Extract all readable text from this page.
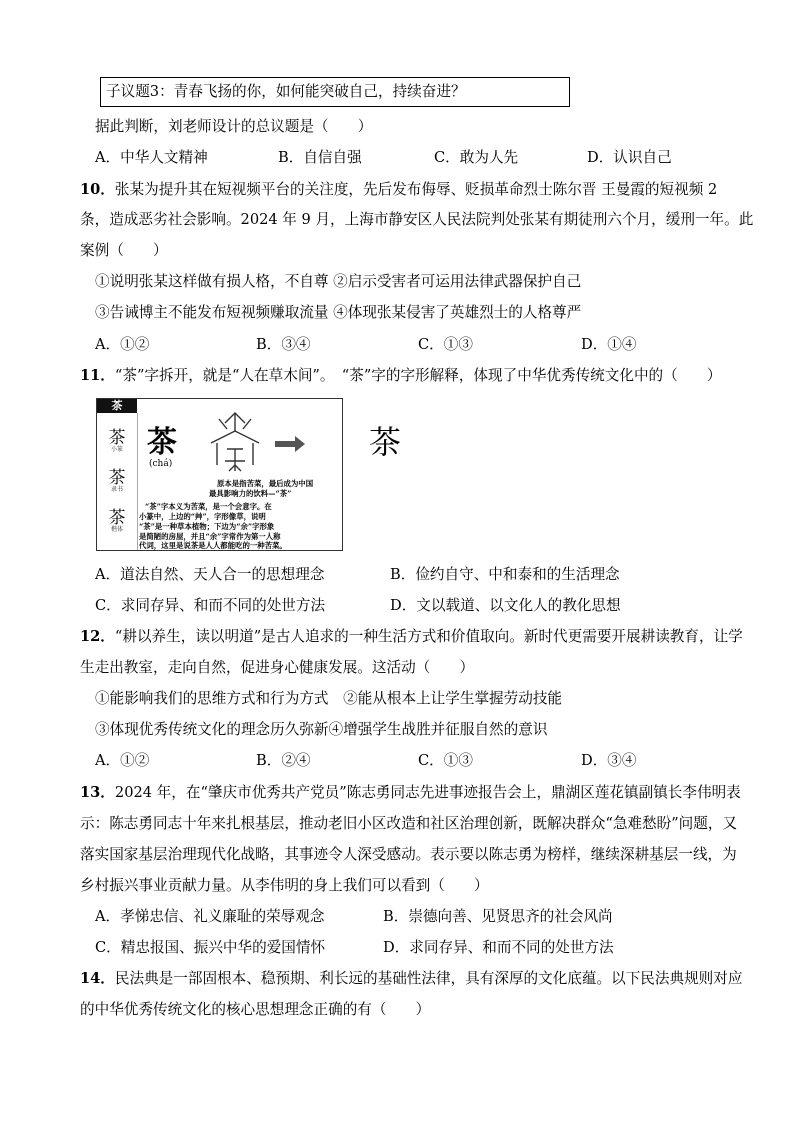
子议题3：青春飞扬的你，如何能突破自己，持续奋进？
据此判断，刘老师设计的总议题是（　　）
A．中华人文精神	B．自信自强	C．敢为人先	D．认识自己
10．张某为提升其在短视频平台的关注度，先后发布侮辱、贬损革命烈士陈尔晋 王曼霞的短视频 2
条，造成恶劣社会影响。2024 年 9 月，上海市静安区人民法院判处张某有期徒刑六个月，缓刑一年。此
案例（　　）
①说明张某这样做有损人格，不自尊 ②启示受害者可运用法律武器保护自己
③告诫博主不能发布短视频赚取流量 ④体现张某侵害了英雄烈士的人格尊严
A．①②	B．③④	C．①③	D．①④
11．“茶”字拆开，就是“人在草木间”。　“茶”字的字形解释，体现了中华优秀传统文化中的（　　）
茶
茶
小篆
茶
隶书
茶
楷体
茶
(chá)
茶
原本是指苦菜，最后成为中国
最具影响力的饮料—“茶”
“茶”字本义为苦菜，是一个会意字。在
小篆中，上边的“艸”，字形像草，说明
“茶”是一种草本植物；下边为“余”字形象
是简陋的房屋，并且“余”字常作为第一人称
代词，这里是说茶是人人都能吃的一种苦菜。
A．道法自然、天人合一的思想理念	B．俭约自守、中和泰和的生活理念
C．求同存异、和而不同的处世方法	D．文以载道、以文化人的教化思想
12．“耕以养生，读以明道”是古人追求的一种生活方式和价值取向。新时代更需要开展耕读教育，让学
生走出教室，走向自然，促进身心健康发展。这活动（　　）
①能影响我们的思维方式和行为方式　②能从根本上让学生掌握劳动技能
③体现优秀传统文化的理念历久弥新④增强学生战胜并征服自然的意识
A．①②	B．②④	C．①③	D．③④
13．2024 年，在“肇庆市优秀共产党员”陈志勇同志先进事迹报告会上，鼎湖区莲花镇副镇长李伟明表
示：陈志勇同志十年来扎根基层，推动老旧小区改造和社区治理创新，既解决群众“急难愁盼”问题，又
落实国家基层治理现代化战略，其事迹令人深受感动。表示要以陈志勇为榜样，继续深耕基层一线，为
乡村振兴事业贡献力量。从李伟明的身上我们可以看到（　　）
A．孝悌忠信、礼义廉耻的荣辱观念	B．崇德向善、见贤思齐的社会风尚
C．精忠报国、振兴中华的爱国情怀	D．求同存异、和而不同的处世方法
14．民法典是一部固根本、稳预期、利长远的基础性法律，具有深厚的文化底蕴。以下民法典规则对应
的中华优秀传统文化的核心思想理念正确的有（　　）
